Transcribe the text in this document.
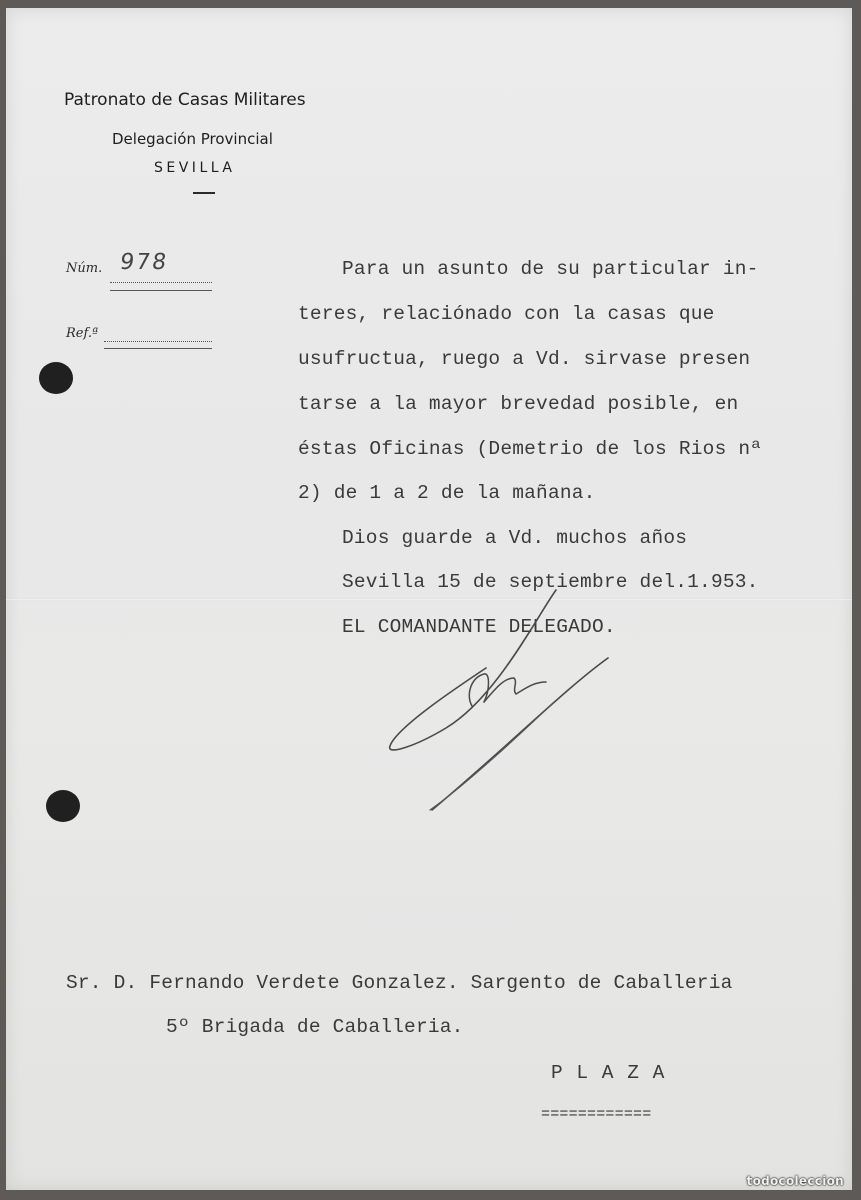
Patronato de Casas Militares
Delegación Provincial
SEVILLA
Núm. 978
Ref.ª
Para un asunto de su particular in-
teres, relaciónado con la casas que
usufructua, ruego a Vd. sirvase presen
tarse a la mayor brevedad posible, en
éstas Oficinas (Demetrio de los Rios nª
2) de 1 a 2 de la mañana.
Dios guarde a Vd. muchos años
Sevilla 15 de septiembre del.1.953.
EL COMANDANTE DELEGADO.
Sr. D. Fernando Verdete Gonzalez. Sargento de Caballeria
5º Brigada de Caballeria.
P L A Z A
============
todocoleccion
